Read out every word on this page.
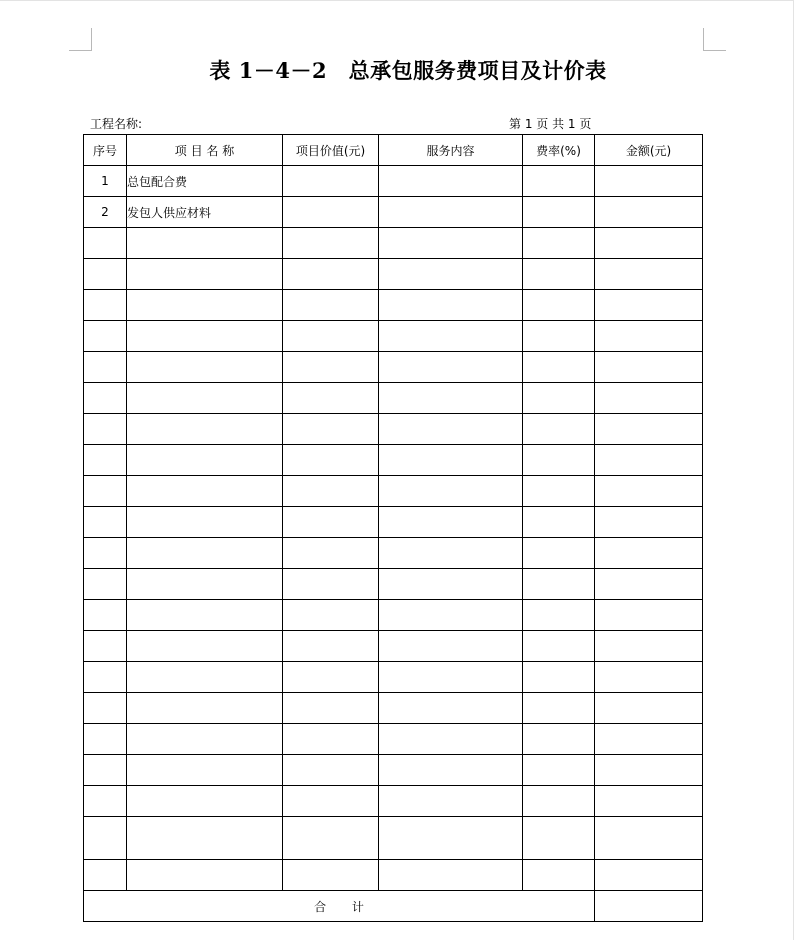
表 1－4－2　总承包服务费项目及计价表
工程名称:	第 1 页 共 1 页
序号	项 目 名 称	项目价值(元)	服务内容	费率(%)	金额(元)
1	总包配合费				
2	发包人供应材料				

合 计					
